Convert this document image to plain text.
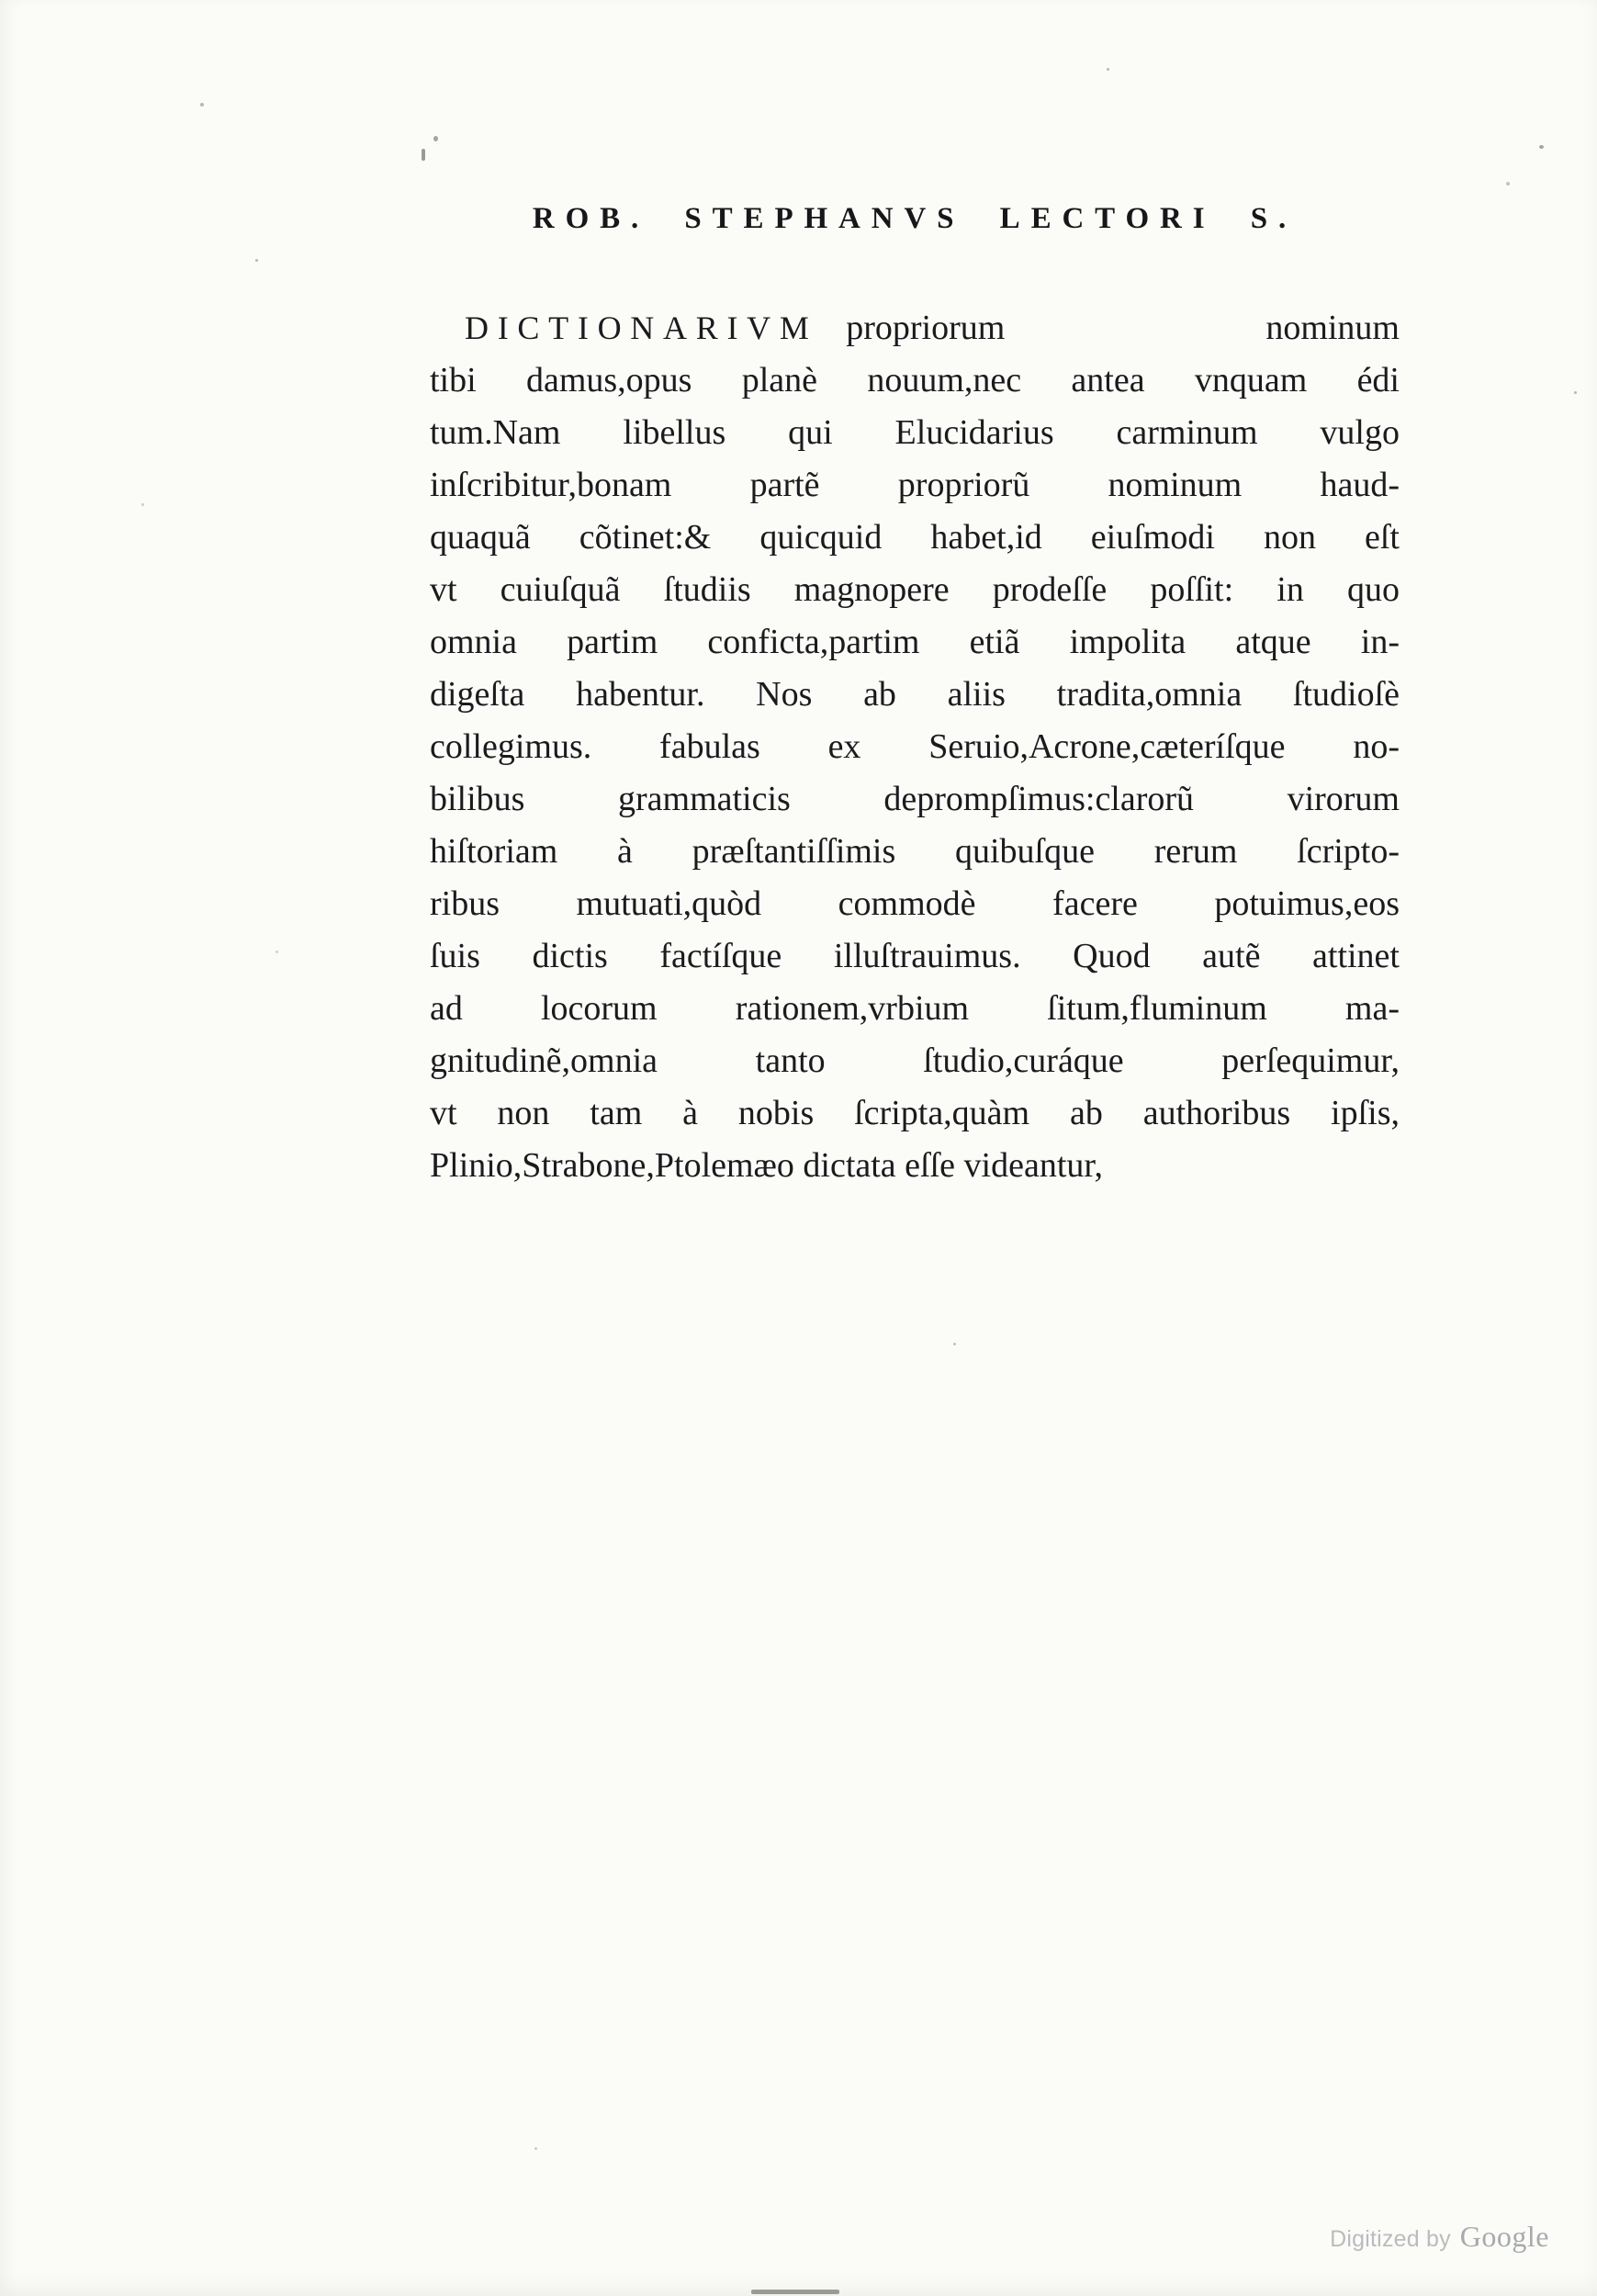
ROB. STEPHANVS LECTORI S.
DICTIONARIVM propriorum nominum
tibi damus,opus planè nouum,nec antea vnquam édi
tum.Nam libellus qui Elucidarius carminum vulgo
inſcribitur,bonam partẽ propriorũ nominum haud-
quaquã cõtinet:& quicquid habet,id eiuſmodi non eſt
vt cuiuſquã ſtudiis magnopere prodeſſe poſſit: in quo
omnia partim conficta,partim etiã impolita atque in-
digeſta habentur. Nos ab aliis tradita,omnia ſtudioſè
collegimus. fabulas ex Seruio,Acrone,cæteríſque no-
bilibus grammaticis deprompſimus:clarorũ virorum
hiſtoriam à præſtantiſſimis quibuſque rerum ſcripto-
ribus mutuati,quòd commodè facere potuimus,eos
ſuis dictis factíſque illuſtrauimus. Quod autẽ attinet
ad locorum rationem,vrbium ſitum,fluminum ma-
gnitudinẽ,omnia tanto ſtudio,curáque perſequimur,
vt non tam à nobis ſcripta,quàm ab authoribus ipſis,
Plinio,Strabone,Ptolemæo dictata eſſe videantur,
Digitized by Google
